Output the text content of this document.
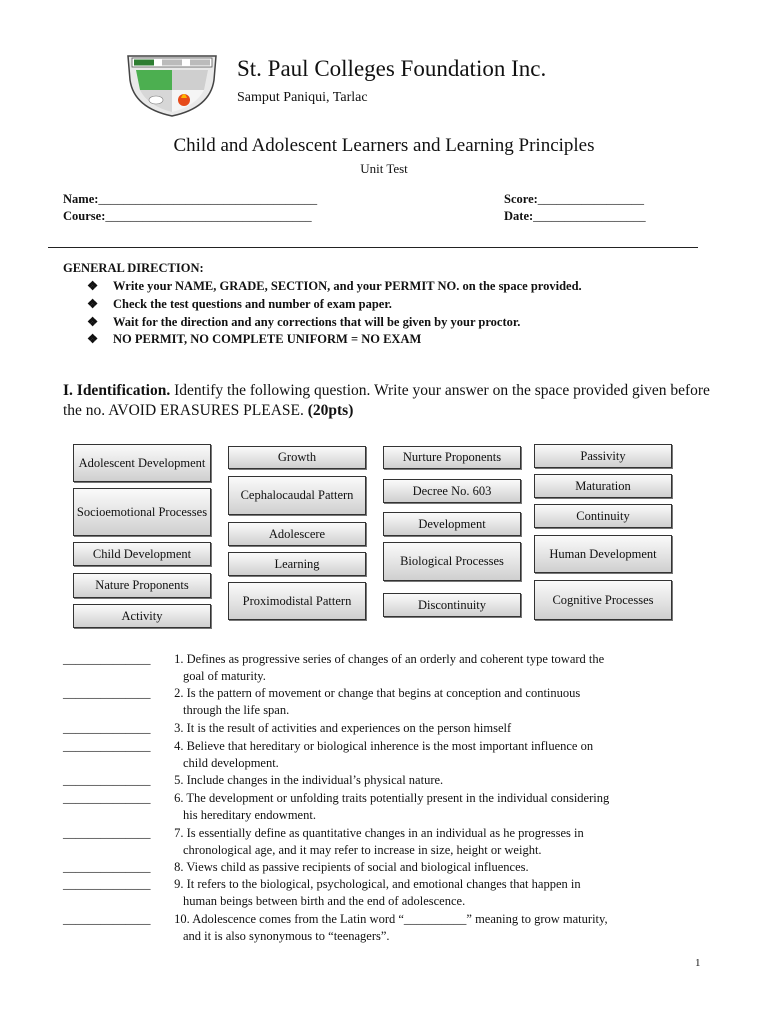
St. Paul Colleges Foundation Inc.
Samput Paniqui, Tarlac
Child and Adolescent Learners and Learning Principles
Unit Test
Name:___________________________________
Course:_________________________________
Score:_________________
Date:__________________
GENERAL DIRECTION:
❖ Write your NAME, GRADE, SECTION, and your PERMIT NO. on the space provided.
❖ Check the test questions and number of exam paper.
❖ Wait for the direction and any corrections that will be given by your proctor.
❖ NO PERMIT, NO COMPLETE UNIFORM = NO EXAM
I. Identification. Identify the following question. Write your answer on the space provided given before the no. AVOID ERASURES PLEASE. (20pts)
Adolescent Development
Socioemotional Processes
Child Development
Nature Proponents
Activity
Growth
Cephalocaudal Pattern
Adolescere
Learning
Proximodistal Pattern
Nurture Proponents
Decree No. 603
Development
Biological Processes
Discontinuity
Passivity
Maturation
Continuity
Human Development
Cognitive Processes
______________ 1. Defines as progressive series of changes of an orderly and coherent type toward the
goal of maturity.
______________ 2. Is the pattern of movement or change that begins at conception and continuous
through the life span.
______________ 3. It is the result of activities and experiences on the person himself
______________ 4. Believe that hereditary or biological inherence is the most important influence on
child development.
______________ 5. Include changes in the individual’s physical nature.
______________ 6. The development or unfolding traits potentially present in the individual considering
his hereditary endowment.
______________ 7. Is essentially define as quantitative changes in an individual as he progresses in
chronological age, and it may refer to increase in size, height or weight.
______________ 8. Views child as passive recipients of social and biological influences.
______________ 9. It refers to the biological, psychological, and emotional changes that happen in
human beings between birth and the end of adolescence.
______________ 10. Adolescence comes from the Latin word “__________” meaning to grow maturity,
and it is also synonymous to “teenagers”.
1
